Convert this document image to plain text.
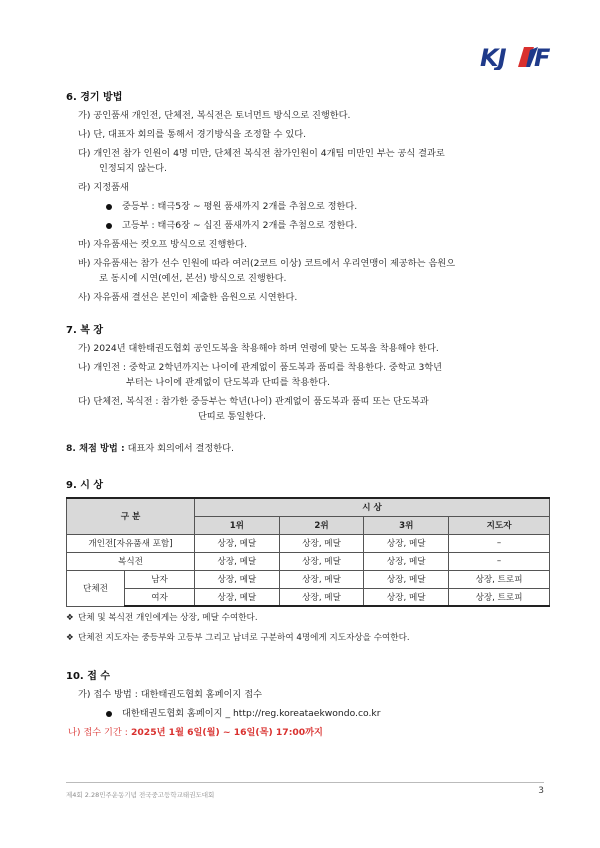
KJ F
6. 경기 방법
가) 공인품새 개인전, 단체전, 복식전은 토너먼트 방식으로 진행한다.
나) 단, 대표자 회의를 통해서 경기방식을 조정할 수 있다.
다) 개인전 참가 인원이 4명 미만, 단체전 복식전 참가인원이 4개팀 미만인 부는 공식 결과로
인정되지 않는다.
라) 지정품새
중등부 : 태극5장 ~ 평원 품새까지 2개를 추첨으로 정한다.
고등부 : 태극6장 ~ 십진 품새까지 2개를 추첨으로 정한다.
마) 자유품새는 컷오프 방식으로 진행한다.
바) 자유품새는 참가 선수 인원에 따라 여러(2코트 이상) 코트에서 우리연맹이 제공하는 음원으
로 동시에 시연(예선, 본선) 방식으로 진행한다.
사) 자유품새 결선은 본인이 제출한 음원으로 시연한다.
7. 복 장
가) 2024년 대한태권도협회 공인도복을 착용해야 하며 연령에 맞는 도복을 착용해야 한다.
나) 개인전 : 중학교 2학년까지는 나이에 관계없이 품도복과 품띠를 착용한다. 중학교 3학년
부터는 나이에 관계없이 단도복과 단띠를 착용한다.
다) 단체전, 복식전 : 참가한 중등부는 학년(나이) 관계없이 품도복과 품띠 또는 단도복과
단띠로 통일한다.
8. 채점 방법 : 대표자 회의에서 결정한다.
9. 시 상
구 분		시 상			
		1위	2위	3위	지도자
개인전[자유품새 포함]		상장, 메달	상장, 메달	상장, 메달	–
복식전		상장, 메달	상장, 메달	상장, 메달	–
단체전	남자	상장, 메달	상장, 메달	상장, 메달	상장, 트로피
	여자	상장, 메달	상장, 메달	상장, 메달	상장, 트로피
❖ 단체 및 복식전 개인에게는 상장, 메달 수여한다.
❖ 단체전 지도자는 중등부와 고등부 그리고 남녀로 구분하여 4명에게 지도자상을 수여한다.
10. 접 수
가) 접수 방법 : 대한태권도협회 홈페이지 접수
대한태권도협회 홈페이지 _ http://reg.koreataekwondo.co.kr
나) 접수 기간 : 2025년 1월 6일(월) ~ 16일(목) 17:00까지
제4회 2.28민주운동기념 전국중고등학교태권도대회	3
